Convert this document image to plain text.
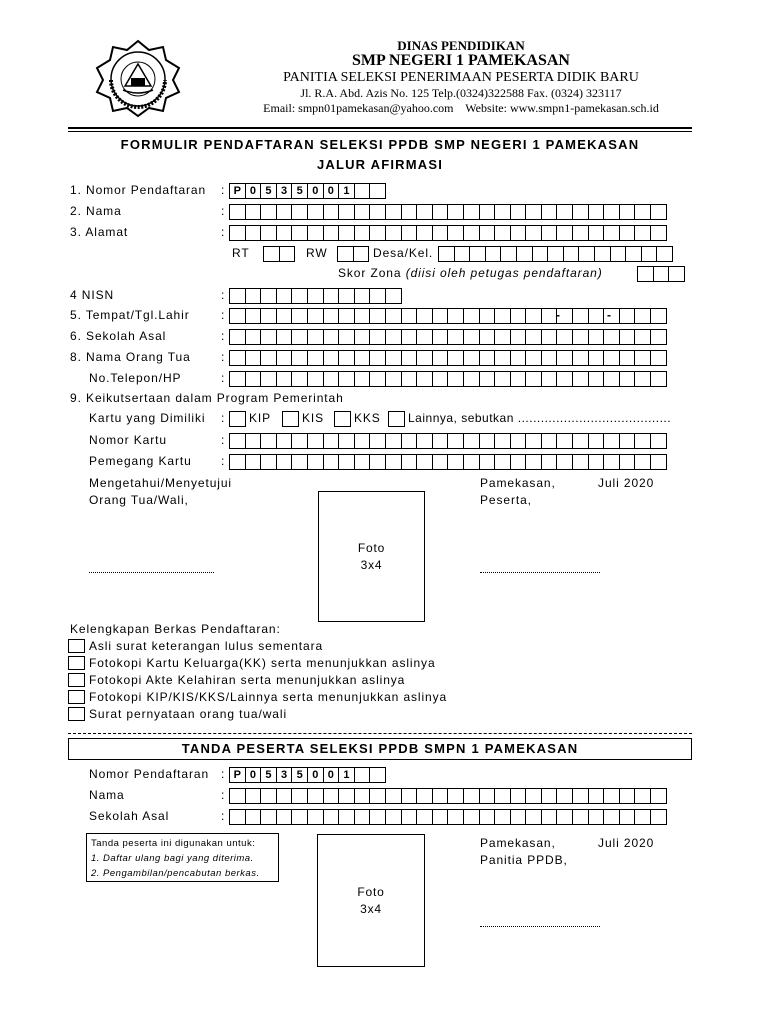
DINAS PENDIDIKAN
SMP NEGERI 1 PAMEKASAN
PANITIA SELEKSI PENERIMAAN PESERTA DIDIK BARU
Jl. R.A. Abd. Azis No. 125 Telp.(0324)322588 Fax. (0324) 323117
Email: smpn01pamekasan@yahoo.com    Website: www.smpn1-pamekasan.sch.id
FORMULIR PENDAFTARAN SELEKSI PPDB SMP NEGERI 1 PAMEKASAN
JALUR AFIRMASI
1. Nomor Pendaftaran : P 0 5 3 5 0 0 1
2. Nama	:
3. Alamat	:
RT	RW	Desa/Kel.
Skor Zona (diisi oleh petugas pendaftaran)
4 NISN	:
5. Tempat/Tgl.Lahir	:	-	-
6. Sekolah Asal	:
8. Nama Orang Tua	:
No.Telepon/HP	:
9. Keikutsertaan dalam Program Pemerintah
Kartu yang Dimiliki : KIP	KIS KKS Lainnya, sebutkan ........................................
Nomor Kartu	:
Pemegang Kartu :
Mengetahui/Menyetujui
Orang Tua/Wali,
Pamekasan,          Juli 2020
Peserta,
Foto
3x4
Kelengkapan Berkas Pendaftaran:
Asli surat keterangan lulus sementara
Fotokopi Kartu Keluarga(KK) serta menunjukkan aslinya
Fotokopi Akte Kelahiran serta menunjukkan aslinya
Fotokopi KIP/KIS/KKS/Lainnya serta menunjukkan aslinya
Surat pernyataan orang tua/wali
TANDA PESERTA SELEKSI PPDB SMPN 1 PAMEKASAN
Nomor Pendaftaran : P 0 5 3 5 0 0 1
Nama	:
Sekolah Asal	:
Tanda peserta ini digunakan untuk:
1. Daftar ulang bagi yang diterima.
2. Pengambilan/pencabutan berkas.
Foto
3x4
Pamekasan,          Juli 2020
Panitia PPDB,
